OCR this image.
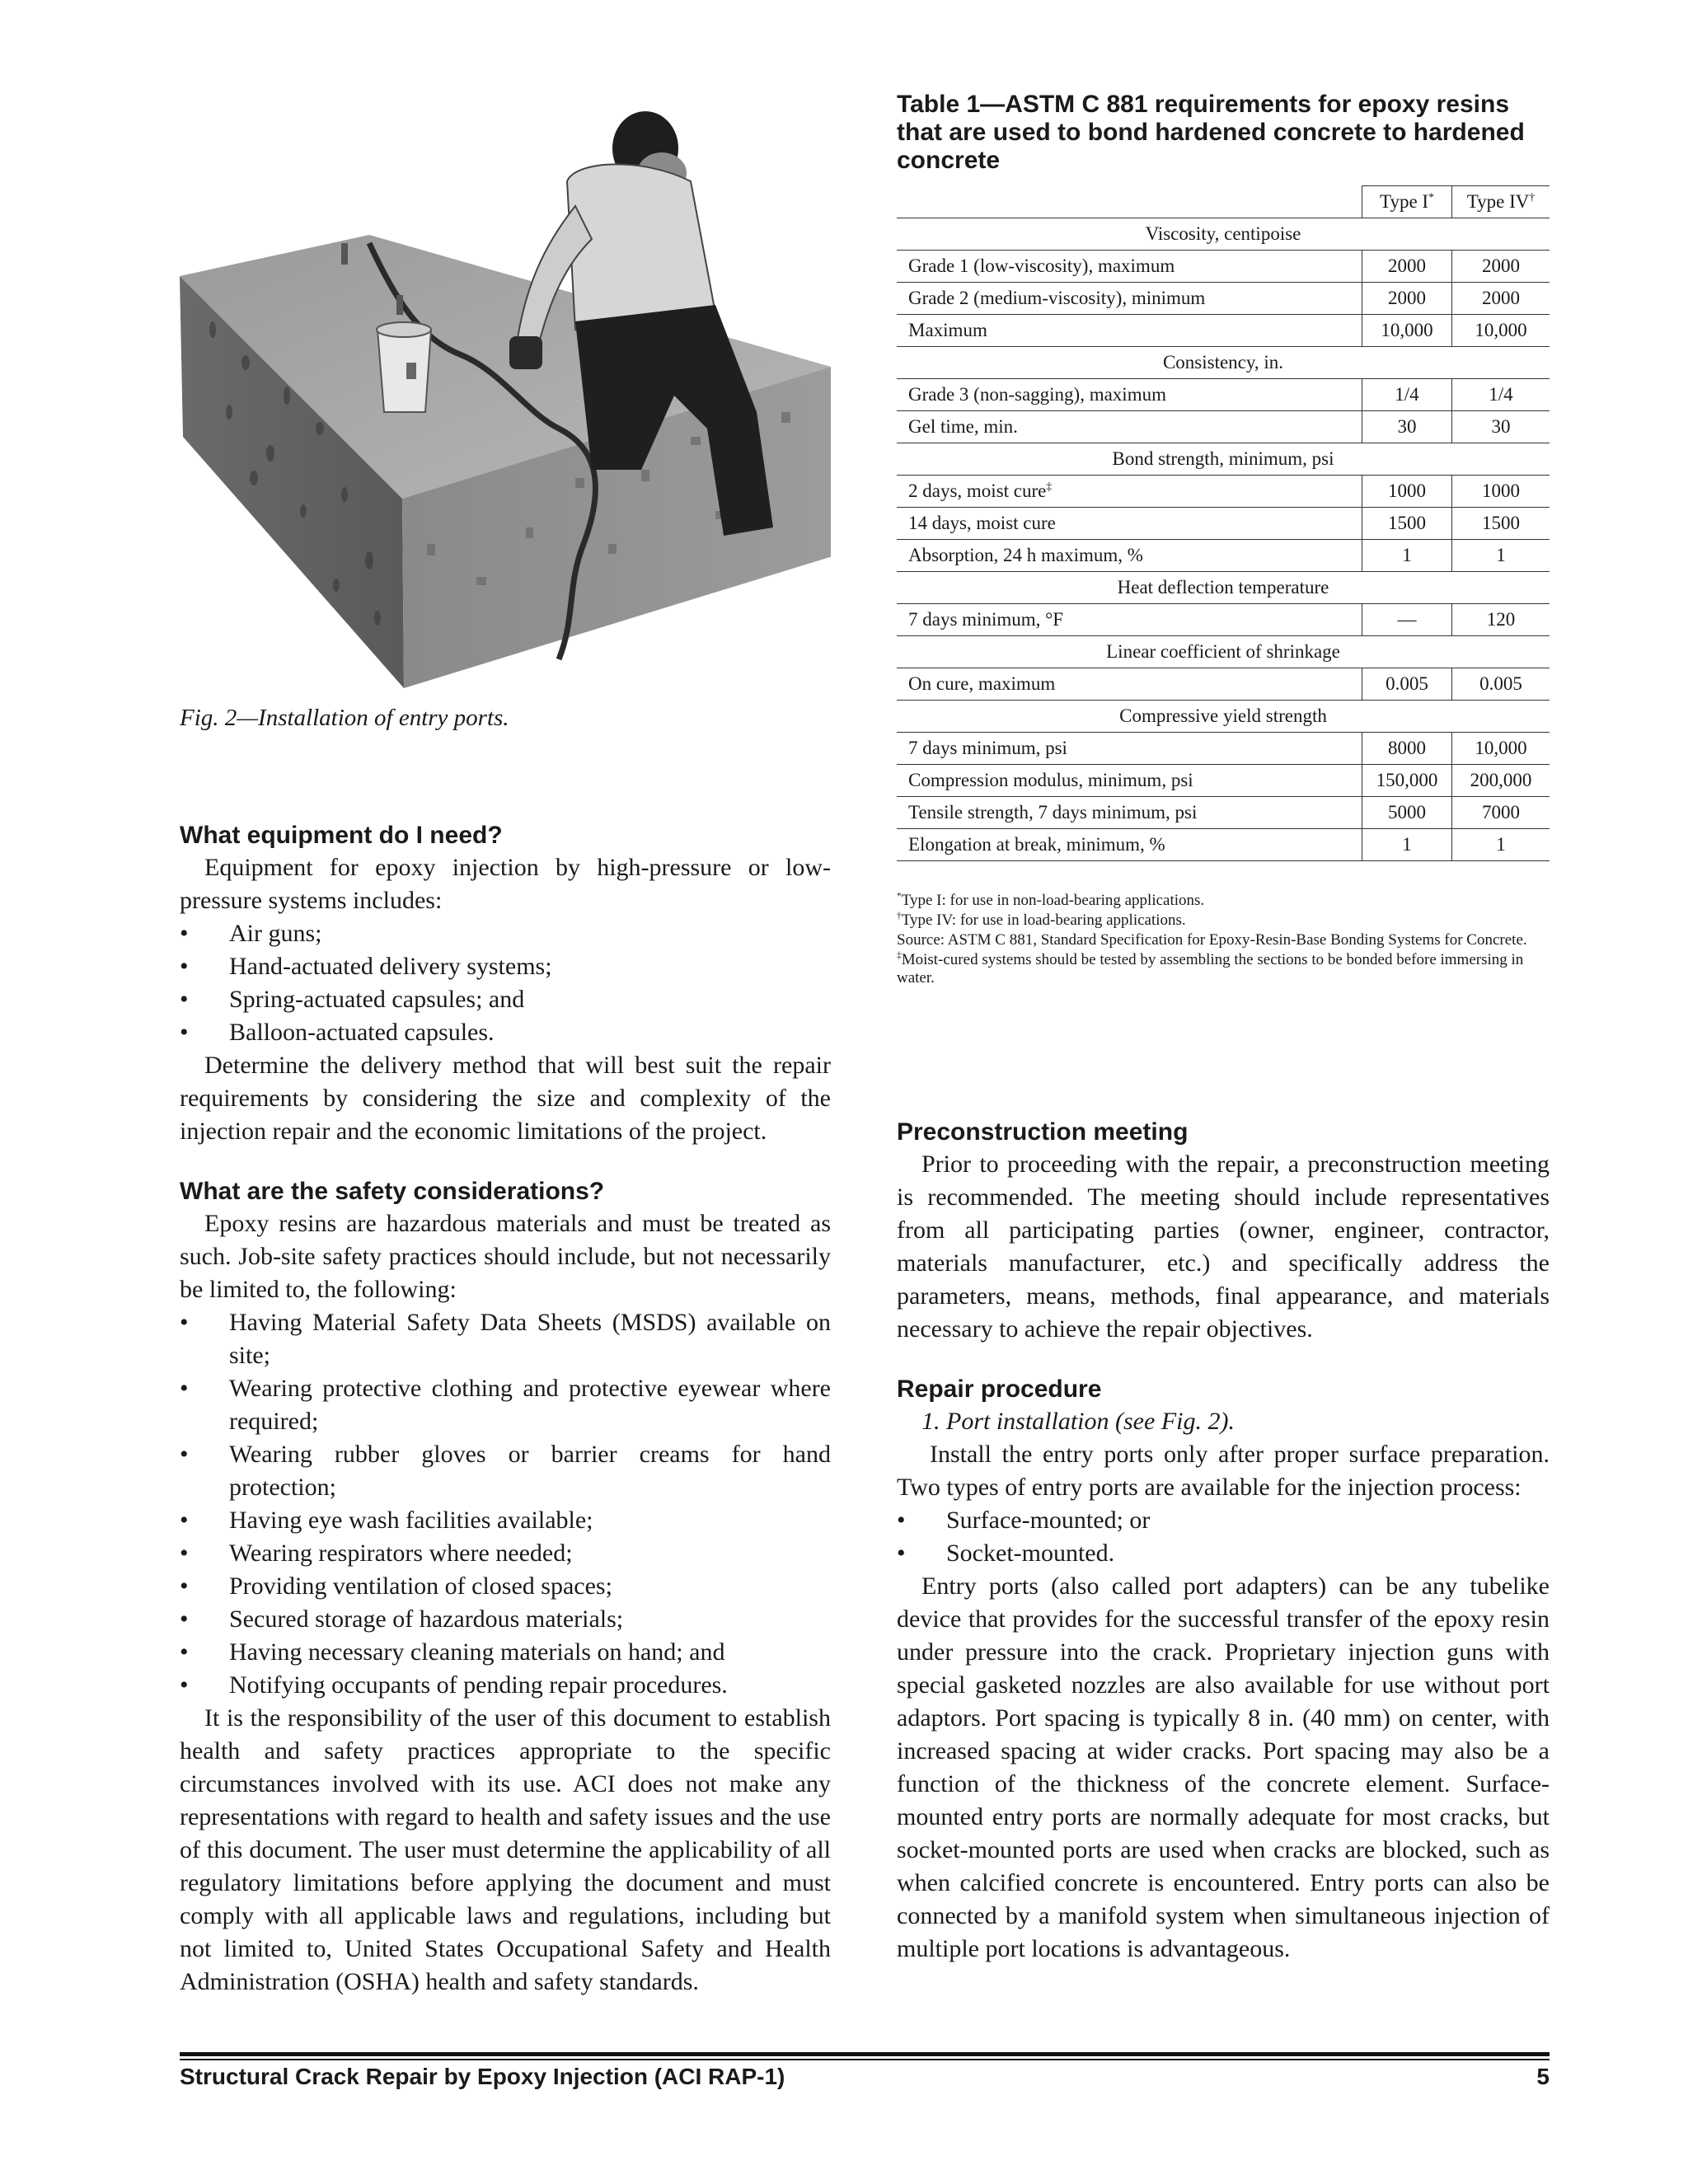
Fig. 2—Installation of entry ports.
What equipment do I need?

Equipment for epoxy injection by high-pressure or low-pressure systems includes:

• Air guns;
• Hand-actuated delivery systems;
• Spring-actuated capsules; and
• Balloon-actuated capsules.

Determine the delivery method that will best suit the repair requirements by considering the size and complexity of the injection repair and the economic limitations of the project.

What are the safety considerations?

Epoxy resins are hazardous materials and must be treated as such. Job-site safety practices should include, but not necessarily be limited to, the following:

• Having Material Safety Data Sheets (MSDS) available on site;
• Wearing protective clothing and protective eyewear where required;
• Wearing rubber gloves or barrier creams for hand protection;
• Having eye wash facilities available;
• Wearing respirators where needed;
• Providing ventilation of closed spaces;
• Secured storage of hazardous materials;
• Having necessary cleaning materials on hand; and
• Notifying occupants of pending repair procedures.

It is the responsibility of the user of this document to establish health and safety practices appropriate to the specific circumstances involved with its use. ACI does not make any representations with regard to health and safety issues and the use of this document. The user must determine the applicability of all regulatory limitations before applying the document and must comply with all applicable laws and regulations, including but not limited to, United States Occupational Safety and Health Administration (OSHA) health and safety standards.

Table 1—ASTM C 881 requirements for epoxy resins that are used to bond hardened concrete to hardened concrete
	Type I*	Type IV†
Viscosity, centipoise		
Grade 1 (low-viscosity), maximum	2000	2000
Grade 2 (medium-viscosity), minimum	2000	2000
Maximum	10,000	10,000
Consistency, in.		
Grade 3 (non-sagging), maximum	1/4	1/4
Gel time, min.	30	30
Bond strength, minimum, psi		
2 days, moist cure‡	1000	1000
14 days, moist cure	1500	1500
Absorption, 24 h maximum, %	1	1
Heat deflection temperature		
7 days minimum, °F	—	120
Linear coefficient of shrinkage		
On cure, maximum	0.005	0.005
Compressive yield strength		
7 days minimum, psi	8000	10,000
Compression modulus, minimum, psi	150,000	200,000
Tensile strength, 7 days minimum, psi	5000	7000
Elongation at break, minimum, %	1	1

*Type I: for use in non-load-bearing applications.

†Type IV: for use in load-bearing applications.

Source: ASTM C 881, Standard Specification for Epoxy-Resin-Base Bonding Systems for Concrete.

‡Moist-cured systems should be tested by assembling the sections to be bonded before immersing in water.

Preconstruction meeting

Prior to proceeding with the repair, a preconstruction meeting is recommended. The meeting should include representatives from all participating parties (owner, engineer, contractor, materials manufacturer, etc.) and specifically address the parameters, means, methods, final appearance, and materials necessary to achieve the repair objectives.

Repair procedure

1. Port installation (see Fig. 2).

Install the entry ports only after proper surface preparation. Two types of entry ports are available for the injection process:

• Surface-mounted; or
• Socket-mounted.

Entry ports (also called port adapters) can be any tubelike device that provides for the successful transfer of the epoxy resin under pressure into the crack. Proprietary injection guns with special gasketed nozzles are also available for use without port adaptors. Port spacing is typically 8 in. (40 mm) on center, with increased spacing at wider cracks. Port spacing may also be a function of the thickness of the concrete element. Surface-mounted entry ports are normally adequate for most cracks, but socket-mounted ports are used when cracks are blocked, such as when calcified concrete is encountered. Entry ports can also be connected by a manifold system when simultaneous injection of multiple port locations is advantageous.

Structural Crack Repair by Epoxy Injection (ACI RAP-1)	5
